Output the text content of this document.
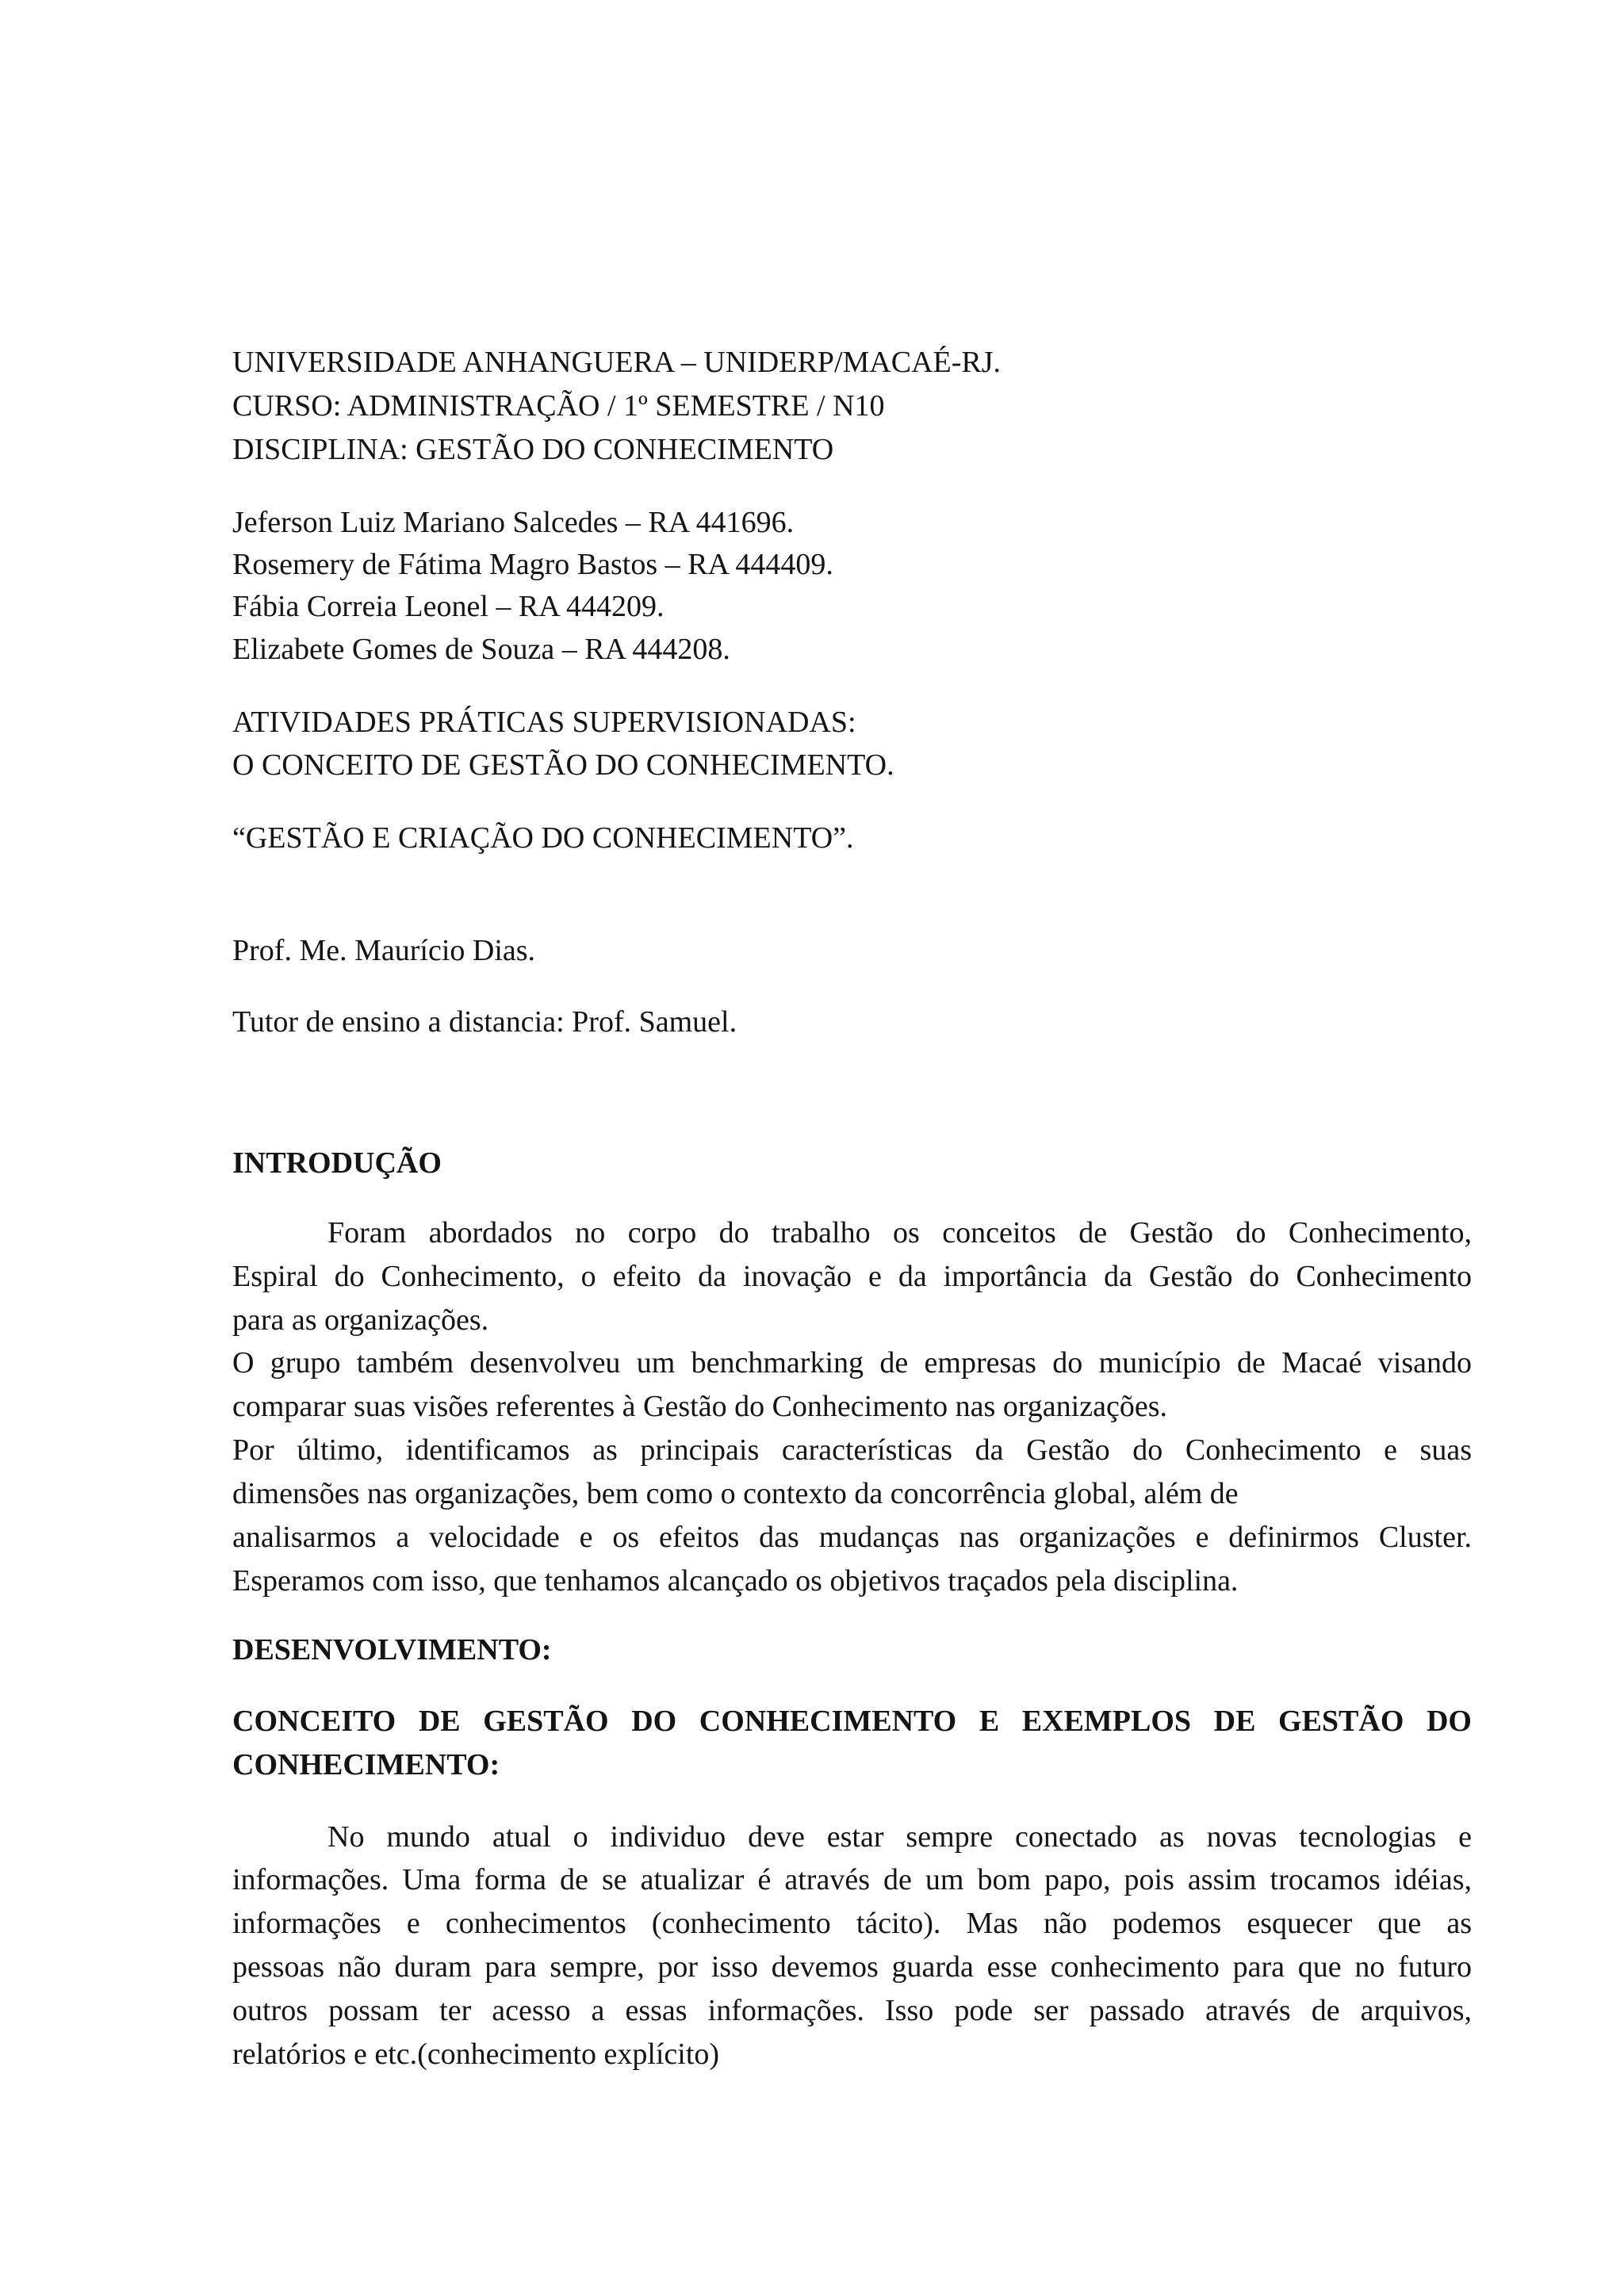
UNIVERSIDADE ANHANGUERA – UNIDERP/MACAÉ-RJ.
CURSO: ADMINISTRAÇÃO / 1º SEMESTRE / N10
DISCIPLINA: GESTÃO DO CONHECIMENTO
Jeferson Luiz Mariano Salcedes – RA 441696.
Rosemery de Fátima Magro Bastos – RA 444409.
Fábia Correia Leonel – RA 444209.
Elizabete Gomes de Souza – RA 444208.
ATIVIDADES PRÁTICAS SUPERVISIONADAS:
O CONCEITO DE GESTÃO DO CONHECIMENTO.
“GESTÃO E CRIAÇÃO DO CONHECIMENTO”.
Prof. Me. Maurício Dias.
Tutor de ensino a distancia: Prof. Samuel.
INTRODUÇÃO
Foram abordados no corpo do trabalho os conceitos de Gestão do Conhecimento,
Espiral do Conhecimento, o efeito da inovação e da importância da Gestão do Conhecimento
para as organizações.
O grupo também desenvolveu um benchmarking de empresas do município de Macaé visando
comparar suas visões referentes à Gestão do Conhecimento nas organizações.
Por último, identificamos as principais características da Gestão do Conhecimento e suas
dimensões nas organizações, bem como o contexto da concorrência global, além de
analisarmos a velocidade e os efeitos das mudanças nas organizações e definirmos Cluster.
Esperamos com isso, que tenhamos alcançado os objetivos traçados pela disciplina.
DESENVOLVIMENTO:
CONCEITO DE GESTÃO DO CONHECIMENTO E EXEMPLOS DE GESTÃO DO
CONHECIMENTO:
No mundo atual o individuo deve estar sempre conectado as novas tecnologias e
informações. Uma forma de se atualizar é através de um bom papo, pois assim trocamos idéias,
informações e conhecimentos (conhecimento tácito). Mas não podemos esquecer que as
pessoas não duram para sempre, por isso devemos guarda esse conhecimento para que no futuro
outros possam ter acesso a essas informações. Isso pode ser passado através de arquivos,
relatórios e etc.(conhecimento explícito)
